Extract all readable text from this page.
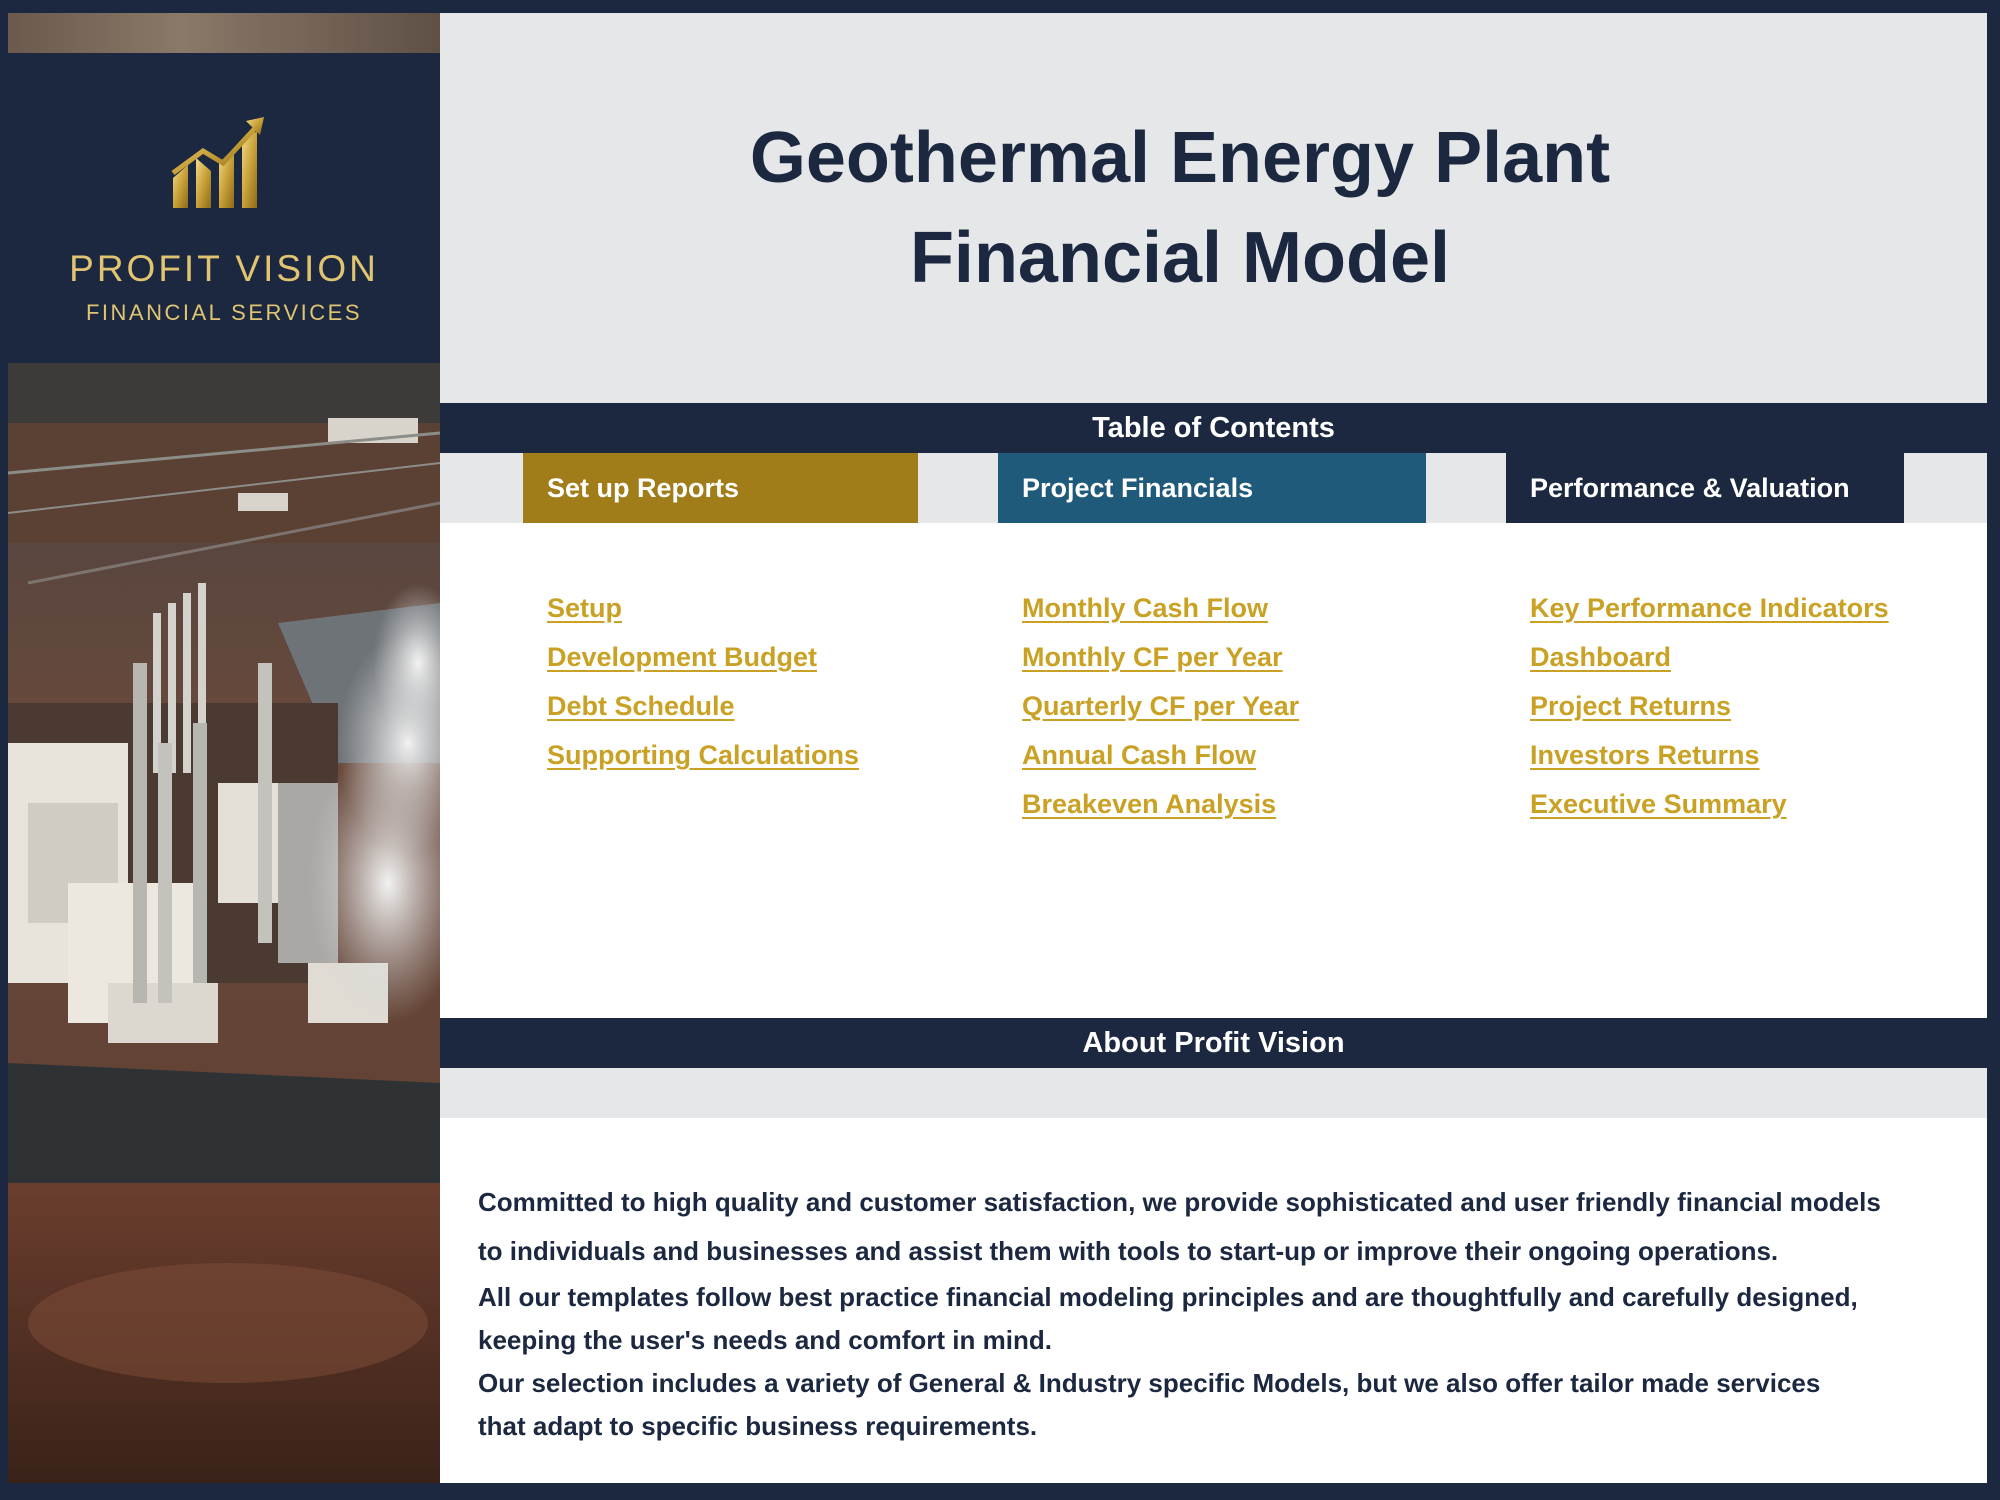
PROFIT VISION
FINANCIAL SERVICES
Geothermal Energy Plant
Financial Model
Table of Contents
Set up Reports	Project Financials	Performance & Valuation
Setup
Development Budget
Debt Schedule
Supporting Calculations
Monthly Cash Flow
Monthly CF per Year
Quarterly CF per Year
Annual Cash Flow
Breakeven Analysis
Key Performance Indicators
Dashboard
Project Returns
Investors Returns
Executive Summary
About Profit Vision

Committed to high quality and customer satisfaction, we provide sophisticated and user friendly financial models

to individuals and businesses and assist them with tools to start-up or improve their ongoing operations.

All our templates follow best practice financial modeling principles and are thoughtfully and carefully designed,

keeping the user's needs and comfort in mind.

Our selection includes a variety of General & Industry specific Models, but we also offer tailor made services

that adapt to specific business requirements.
